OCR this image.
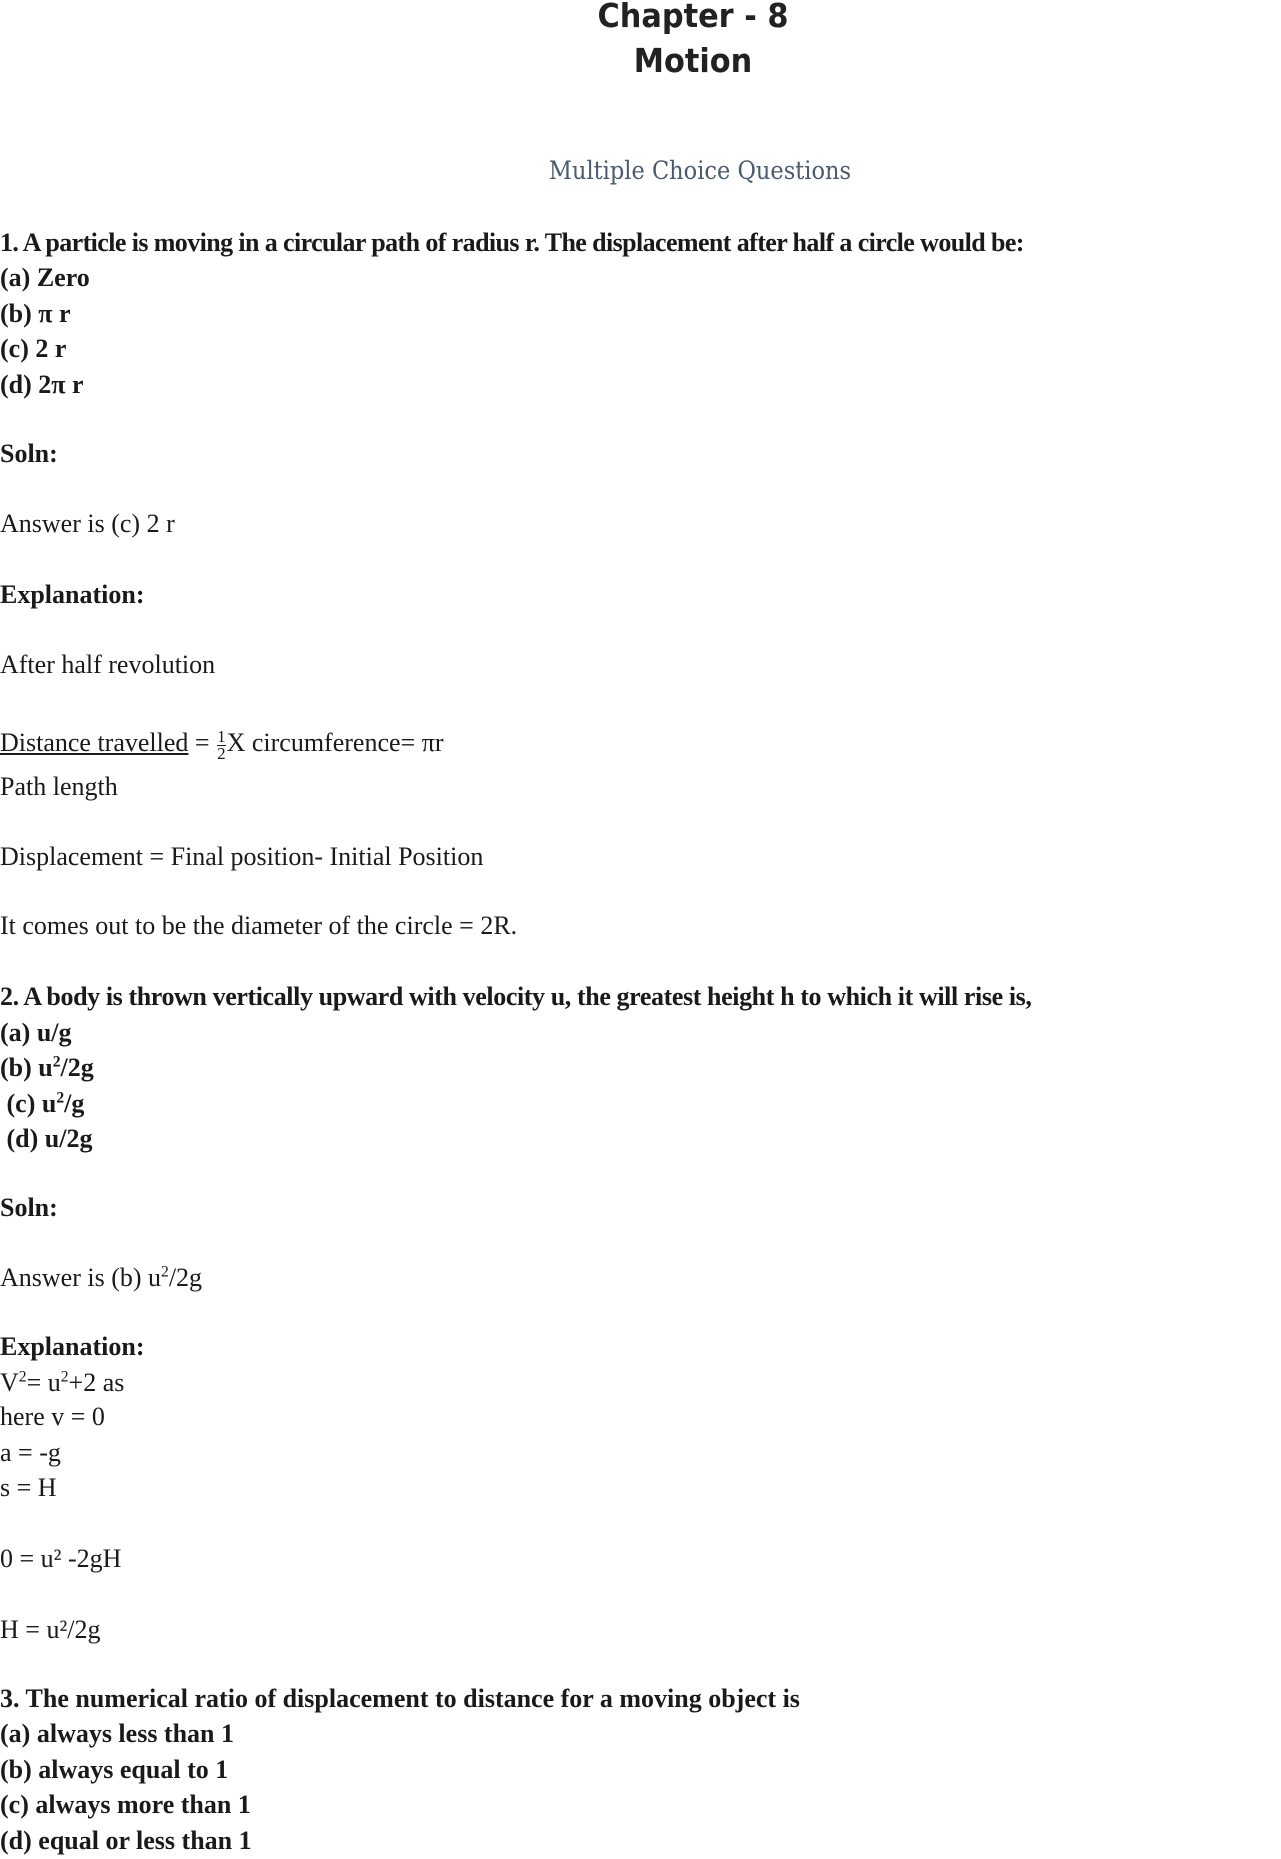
Chapter - 8
Motion
Multiple Choice Questions
1. A particle is moving in a circular path of radius r. The displacement after half a circle would be:
(a) Zero
(b) π r
(c) 2 r
(d) 2π r
Soln:
Answer is (c) 2 r
Explanation:
After half revolution
Distance travelled = $\frac{1}{2}$ X circumference= πr
Path length
Displacement = Final position- Initial Position
It comes out to be the diameter of the circle = 2R.
2. A body is thrown vertically upward with velocity u, the greatest height h to which it will rise is,
(a) u/g
(b) $u^2/2g$
(c) $u^2/g$
(d) u/2g
Soln:
Answer is (b) $u^2/2g$
Explanation:
$V^2= u^2+2$ as
here v = 0
a = -g
s = H
0 = u² -2gH
H = u²/2g
3. The numerical ratio of displacement to distance for a moving object is
(a) always less than 1
(b) always equal to 1
(c) always more than 1
(d) equal or less than 1
